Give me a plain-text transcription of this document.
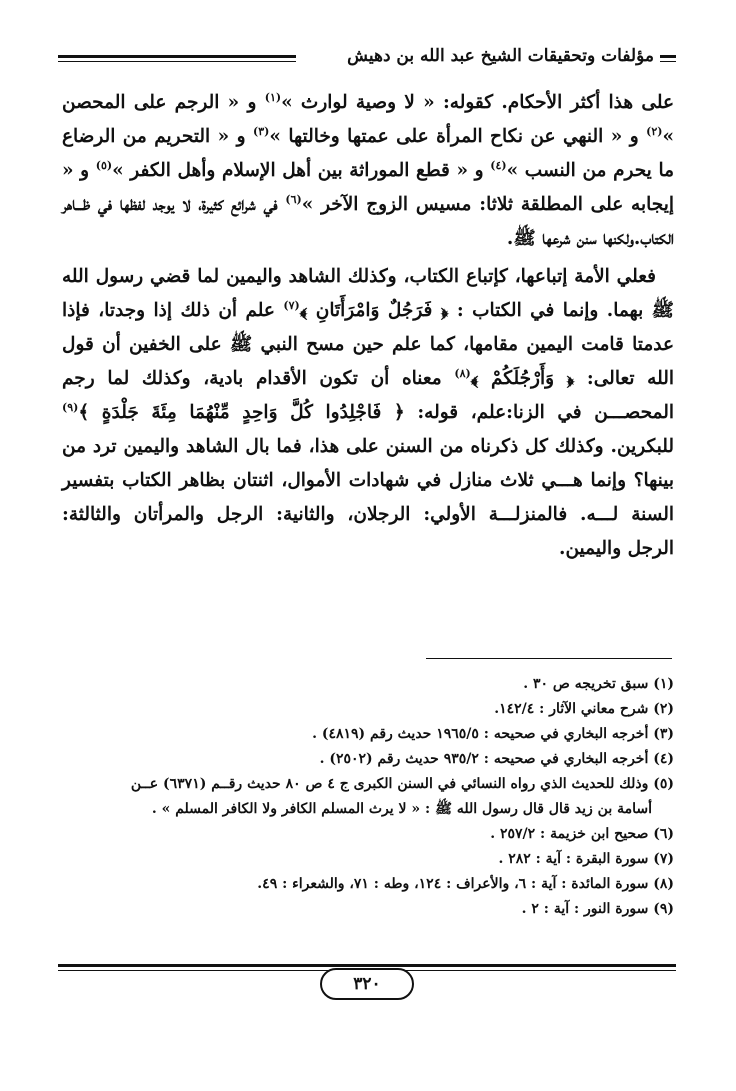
مؤلفات وتحقيقات الشيخ عبد الله بن دهيش

على هذا أكثر الأحكام. كقوله: « لا وصية لوارث »$^{(١)}$ و « الرجم على المحصن »$^{(٢)}$ و « النهي عن نكاح المرأة على عمتها وخالتها »$^{(٣)}$ و « التحريم من الرضاع ما يحرم من النسب »$^{(٤)}$ و « قطع الموراثة بين أهل الإسلام وأهل الكفر »$^{(٥)}$ و « إيجابه على المطلقة ثلاثا: مسيس الزوج الآخر »$^{(٦)}$ في شرائع كثيرة، لا يوجد لفظها في ظـــاهر الكتاب.ولكنها سنن شرعها ﷺ.

فعلي الأمة إتباعها، كإتباع الكتاب، وكذلك الشاهد واليمين لما قضي رسول الله ﷺ بهما. وإنما في الكتاب : ﴿ فَرَجُلٌ وَامْرَأَتَانِ ﴾$^{(٧)}$ علم أن ذلك إذا وجدتا، فإذا عدمتا قامت اليمين مقامها، كما علم حين مسح النبي ﷺ على الخفين أن قول الله تعالى: ﴿ وَأَرْجُلَكُمْ ﴾$^{(٨)}$ معناه أن تكون الأقدام بادية، وكذلك لما رجم المحصـــن في الزنا:علم، قوله: ﴿ فَاجْلِدُوا كُلَّ وَاحِدٍ مِّنْهُمَا مِئَةَ جَلْدَةٍ ﴾$^{(٩)}$ للبكرين. وكذلك كل ذكرناه من السنن على هذا، فما بال الشاهد واليمين ترد من بينها؟ وإنما هـــي ثلاث منازل في شهادات الأموال، اثنتان بظاهر الكتاب بتفسير السنة لـــه. فالمنزلـــة الأولي: الرجلان، والثانية: الرجل والمرأتان والثالثة: الرجل واليمين.

(١) سبق تخريجه ص ٣٠ .
(٢) شرح معاني الآثار : ١٤٢/٤.
(٣) أخرجه البخاري في صحيحه : ١٩٦٥/٥ حديث رقم (٤٨١٩) .
(٤) أخرجه البخاري في صحيحه : ٩٣٥/٢ حديث رقم (٢٥٠٢) .
(٥) وذلك للحديث الذي رواه النسائي في السنن الكبرى ج ٤ ص ٨٠ حديث رقــم (٦٣٧١) عــن
أسامة بن زيد قال قال رسول الله ﷺ : « لا يرث المسلم الكافر ولا الكافر المسلم » .
(٦) صحيح ابن خزيمة : ٢٥٧/٢ .
(٧) سورة البقرة : آية : ٢٨٢ .
(٨) سورة المائدة : آية : ٦، والأعراف : ١٢٤، وطه : ٧١، والشعراء : ٤٩.
(٩) سورة النور : آية : ٢ .
٣٢٠
